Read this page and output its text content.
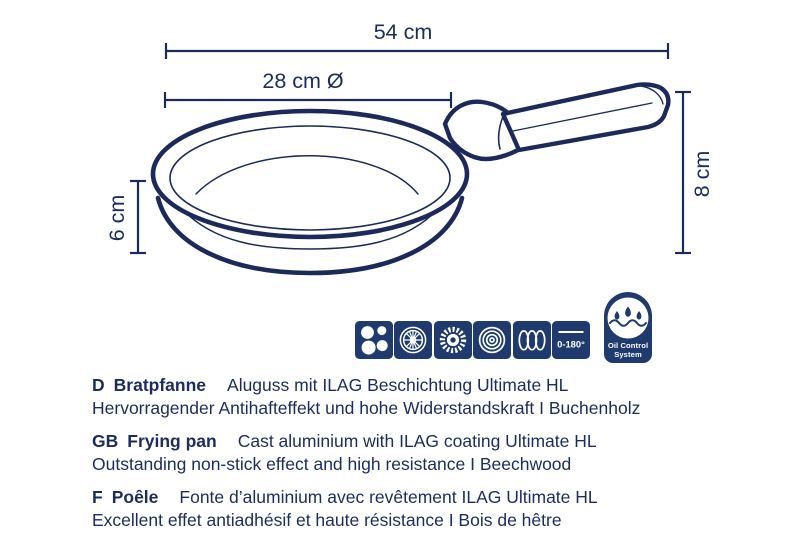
54 cm
28 cm Ø
6 cm
8 cm
0-180°	Oil Control
System
D Bratpfanne Aluguss mit ILAG Beschichtung Ultimate HL
Hervorragender Antihafteffekt und hohe Widerstandskraft I Buchenholz
GB Frying pan Cast aluminium with ILAG coating Ultimate HL
Outstanding non-stick effect and high resistance I Beechwood
F Poêle Fonte d’aluminium avec revêtement ILAG Ultimate HL
Excellent effet antiadhésif et haute résistance I Bois de hêtre
